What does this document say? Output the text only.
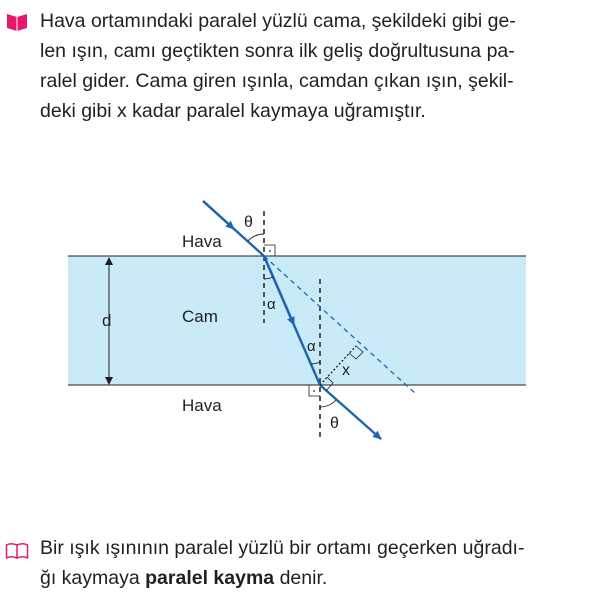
Hava ortamındaki paralel yüzlü cama, şekildeki gibi ge-
len ışın, camı geçtikten sonra ilk geliş doğrultusuna pa-
ralel gider. Cama giren ışınla, camdan çıkan ışın, şekil-
deki gibi x kadar paralel kaymaya uğramıştır.

d
Hava
Cam
Hava
x
θ
α
α
θ

Bir ışık ışınının paralel yüzlü bir ortamı geçerken uğradı-
ğı kaymaya paralel kayma denir.
